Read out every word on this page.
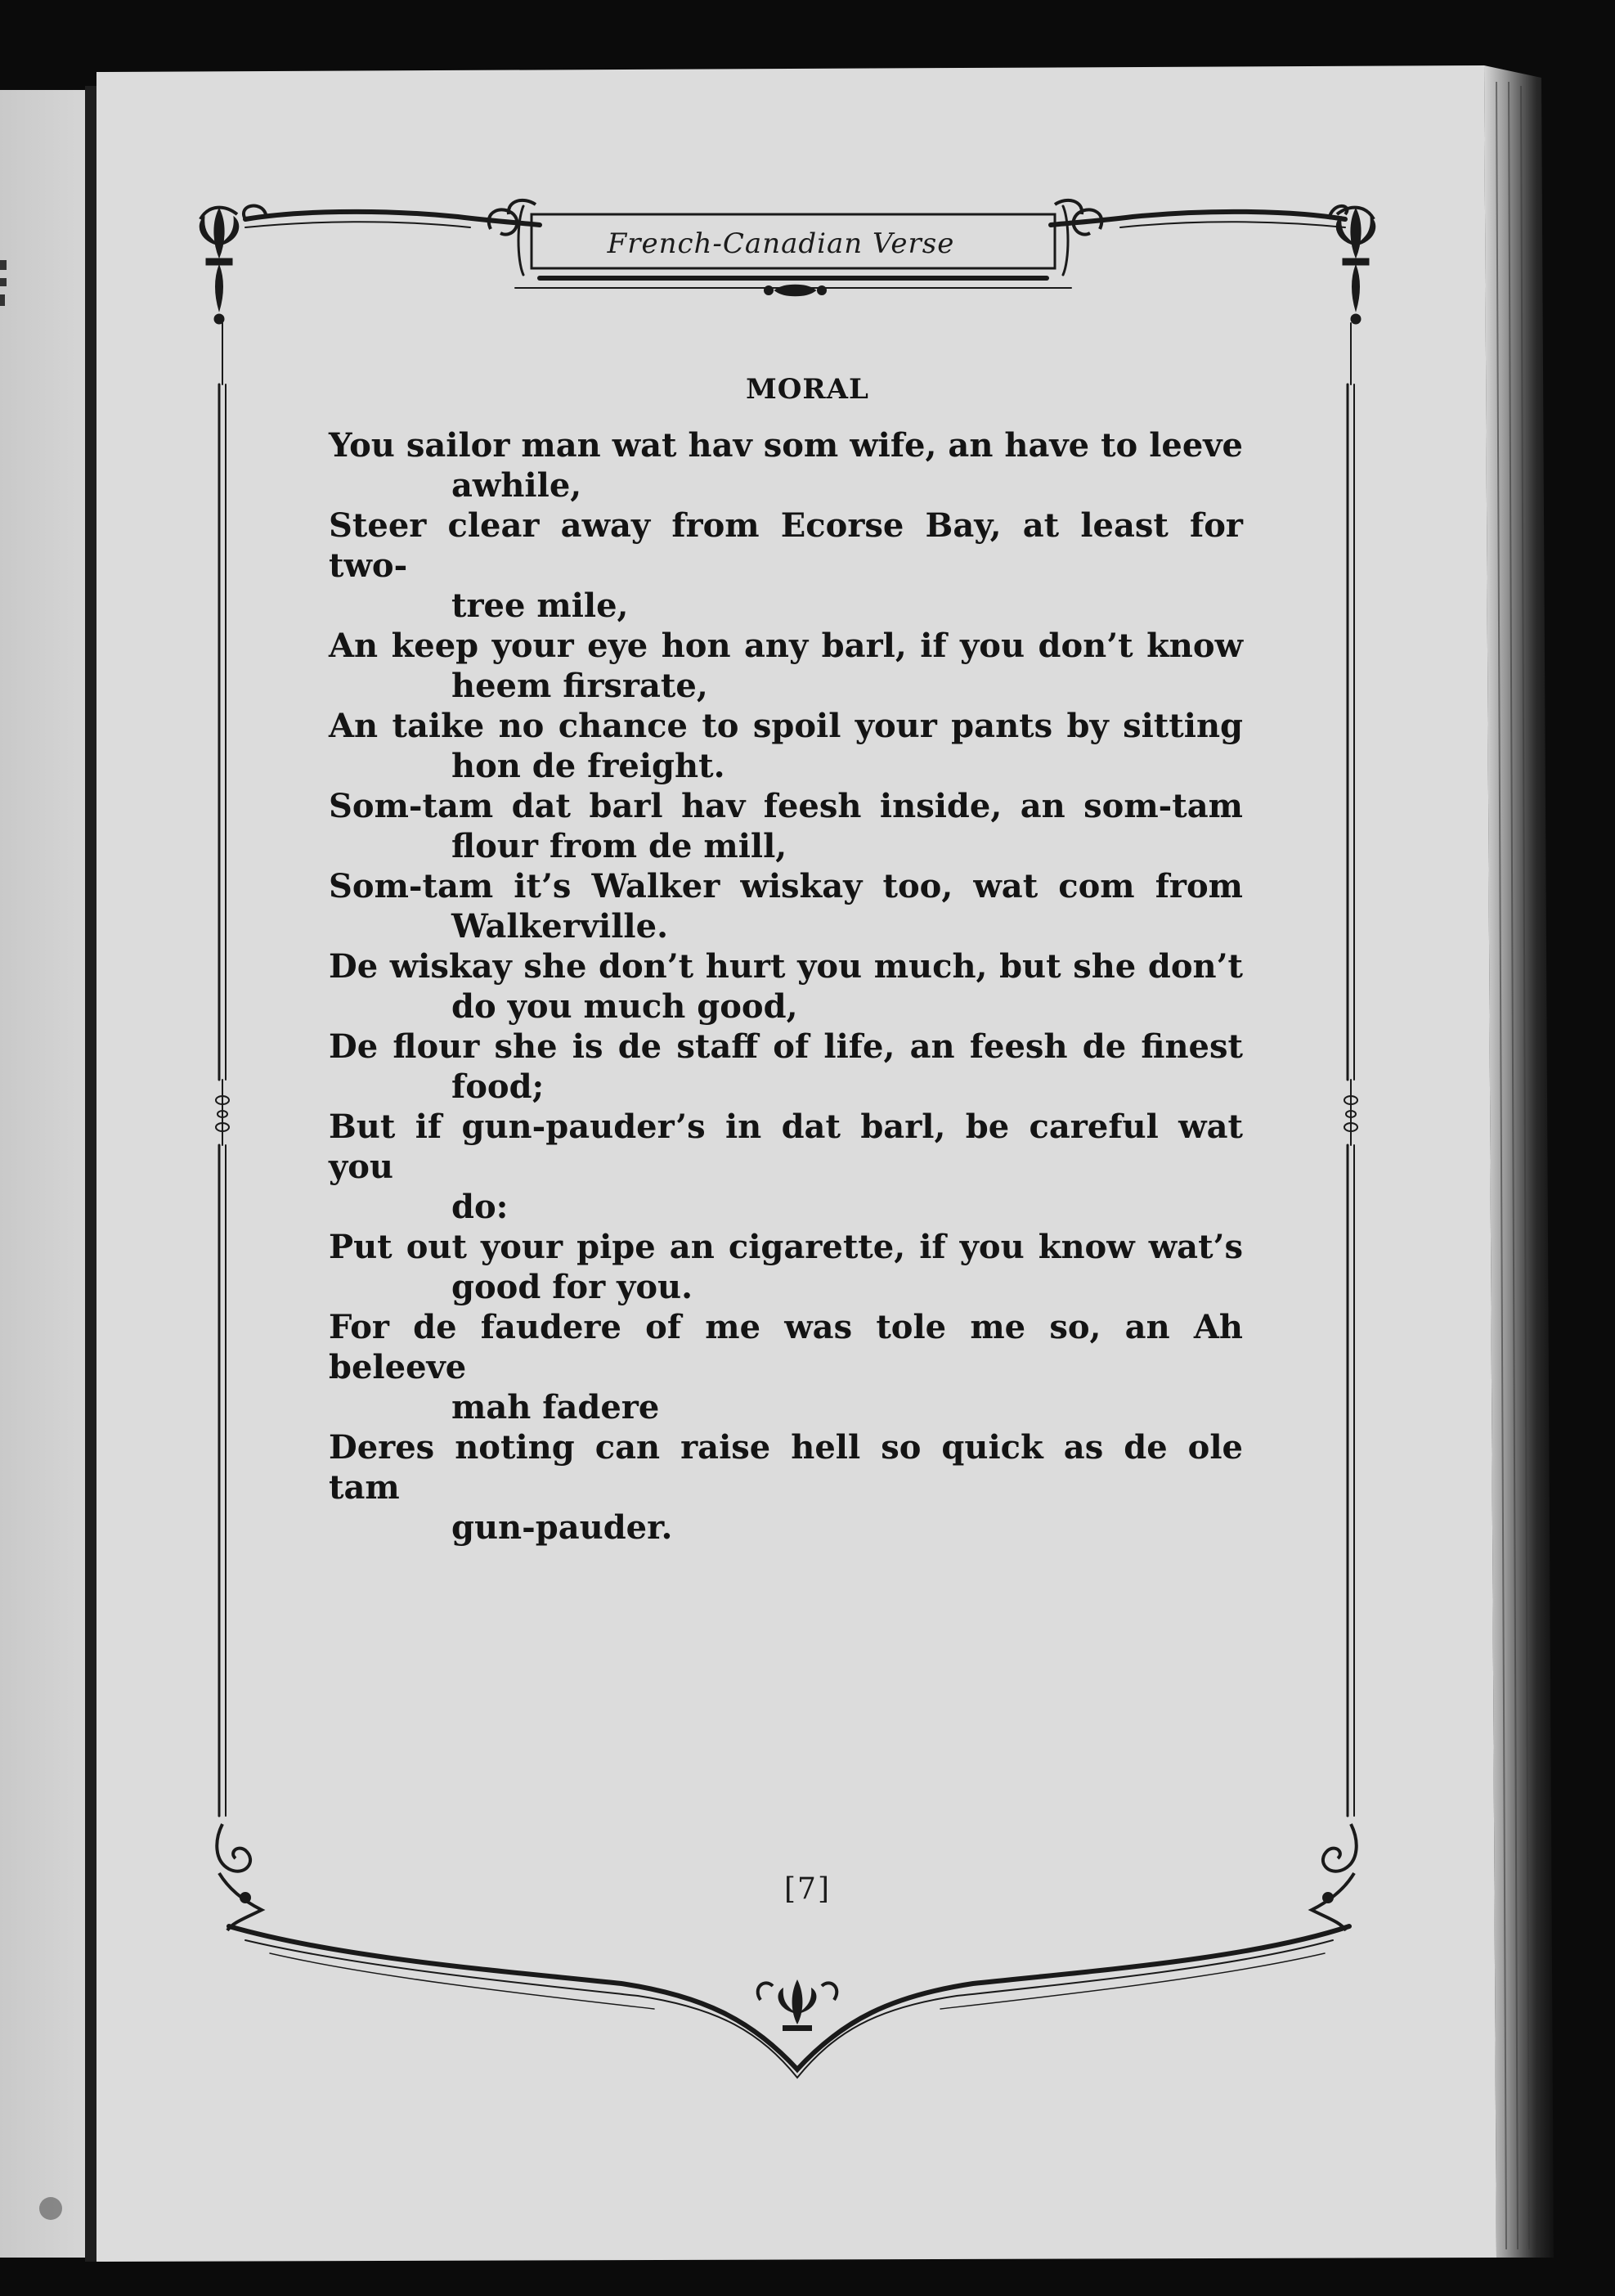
French-Canadian Verse
MORAL
You sailor man wat hav som wife, an have to leeve
awhile,
Steer clear away from Ecorse Bay, at least for two-
tree mile,
An keep your eye hon any barl, if you don’t know
heem firsrate,
An taike no chance to spoil your pants by sitting
hon de freight.
Som-tam dat barl hav feesh inside, an som-tam
flour from de mill,
Som-tam it’s Walker wiskay too, wat com from
Walkerville.
De wiskay she don’t hurt you much, but she don’t
do you much good,
De flour she is de staff of life, an feesh de finest
food;
But if gun-pauder’s in dat barl, be careful wat you
do:
Put out your pipe an cigarette, if you know wat’s
good for you.
For de faudere of me was tole me so, an Ah beleeve
mah fadere
Deres noting can raise hell so quick as de ole tam
gun-pauder.
[7]
